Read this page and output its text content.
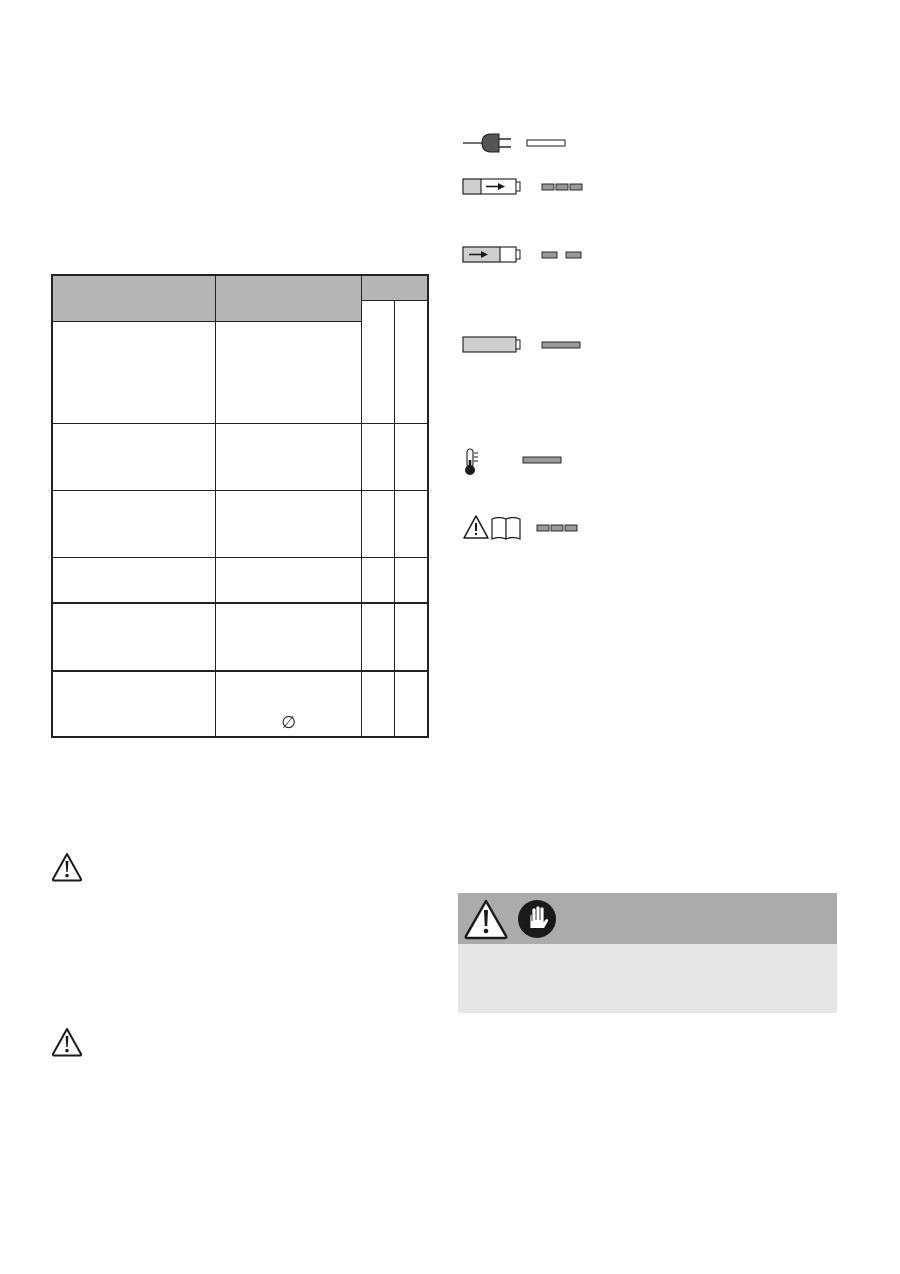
	∅		
